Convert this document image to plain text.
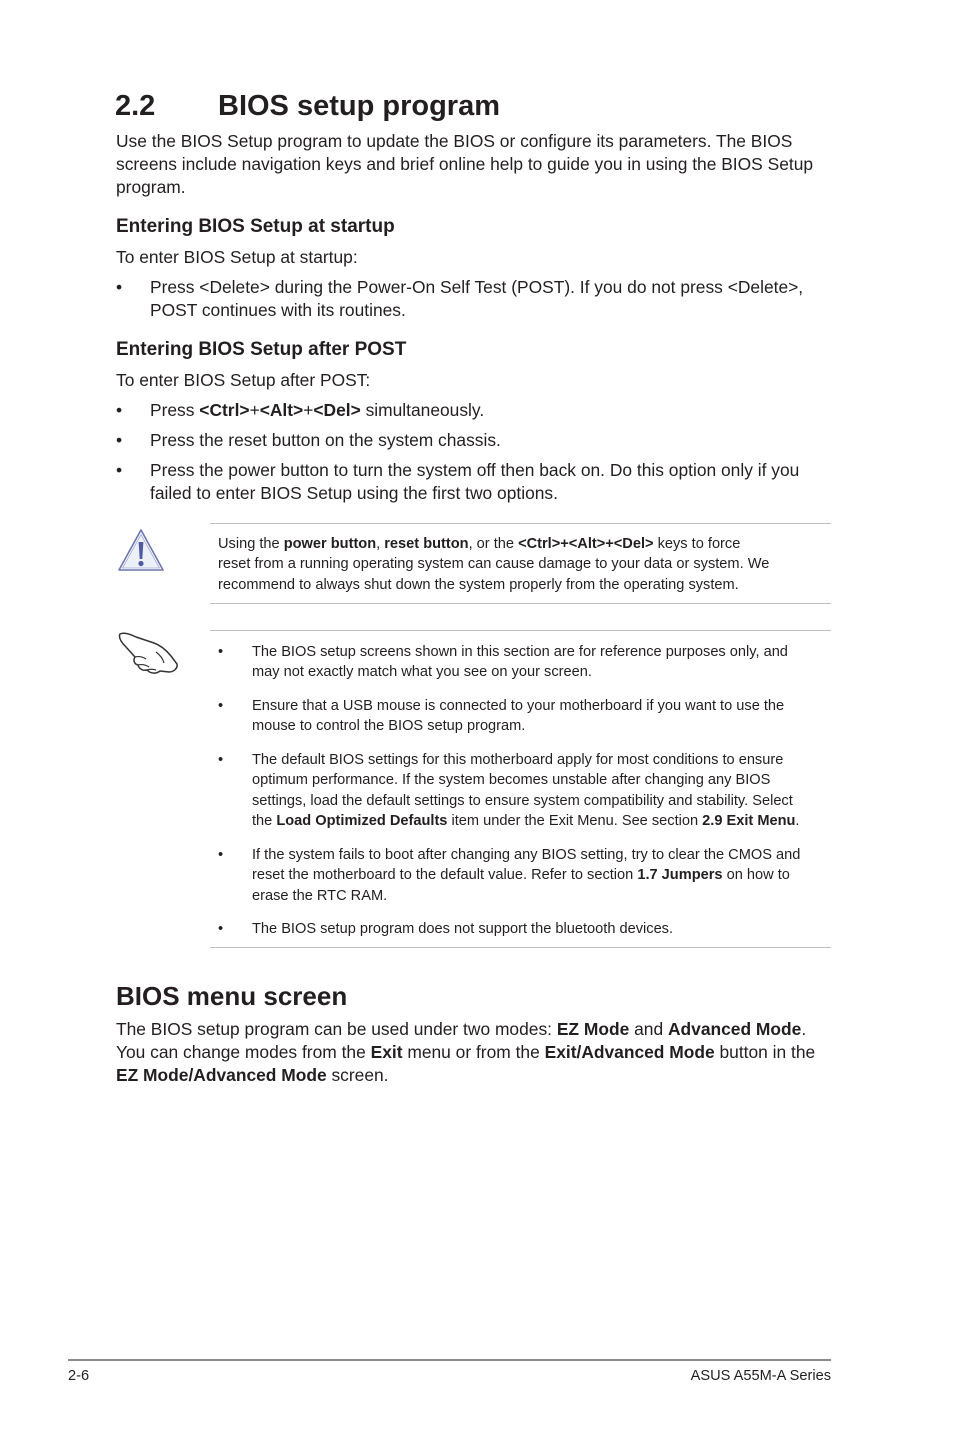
2.2 BIOS setup program
Use the BIOS Setup program to update the BIOS or configure its parameters. The BIOS
screens include navigation keys and brief online help to guide you in using the BIOS Setup
program.
Entering BIOS Setup at startup
To enter BIOS Setup at startup:
• Press <Delete> during the Power-On Self Test (POST). If you do not press <Delete>,
POST continues with its routines.
Entering BIOS Setup after POST
To enter BIOS Setup after POST:
• Press <Ctrl>+<Alt>+<Del> simultaneously.
• Press the reset button on the system chassis.
• Press the power button to turn the system off then back on. Do this option only if you
failed to enter BIOS Setup using the first two options.
Using the power button, reset button, or the <Ctrl>+<Alt>+<Del> keys to force
reset from a running operating system can cause damage to your data or system. We
recommend to always shut down the system properly from the operating system.
• The BIOS setup screens shown in this section are for reference purposes only, and
may not exactly match what you see on your screen.
• Ensure that a USB mouse is connected to your motherboard if you want to use the
mouse to control the BIOS setup program.
• The default BIOS settings for this motherboard apply for most conditions to ensure
optimum performance. If the system becomes unstable after changing any BIOS
settings, load the default settings to ensure system compatibility and stability. Select
the Load Optimized Defaults item under the Exit Menu. See section 2.9 Exit Menu.
• If the system fails to boot after changing any BIOS setting, try to clear the CMOS and
reset the motherboard to the default value. Refer to section 1.7 Jumpers on how to
erase the RTC RAM.
• The BIOS setup program does not support the bluetooth devices.
BIOS menu screen
The BIOS setup program can be used under two modes: EZ Mode and Advanced Mode.
You can change modes from the Exit menu or from the Exit/Advanced Mode button in the
EZ Mode/Advanced Mode screen.
2-6	ASUS A55M-A Series
